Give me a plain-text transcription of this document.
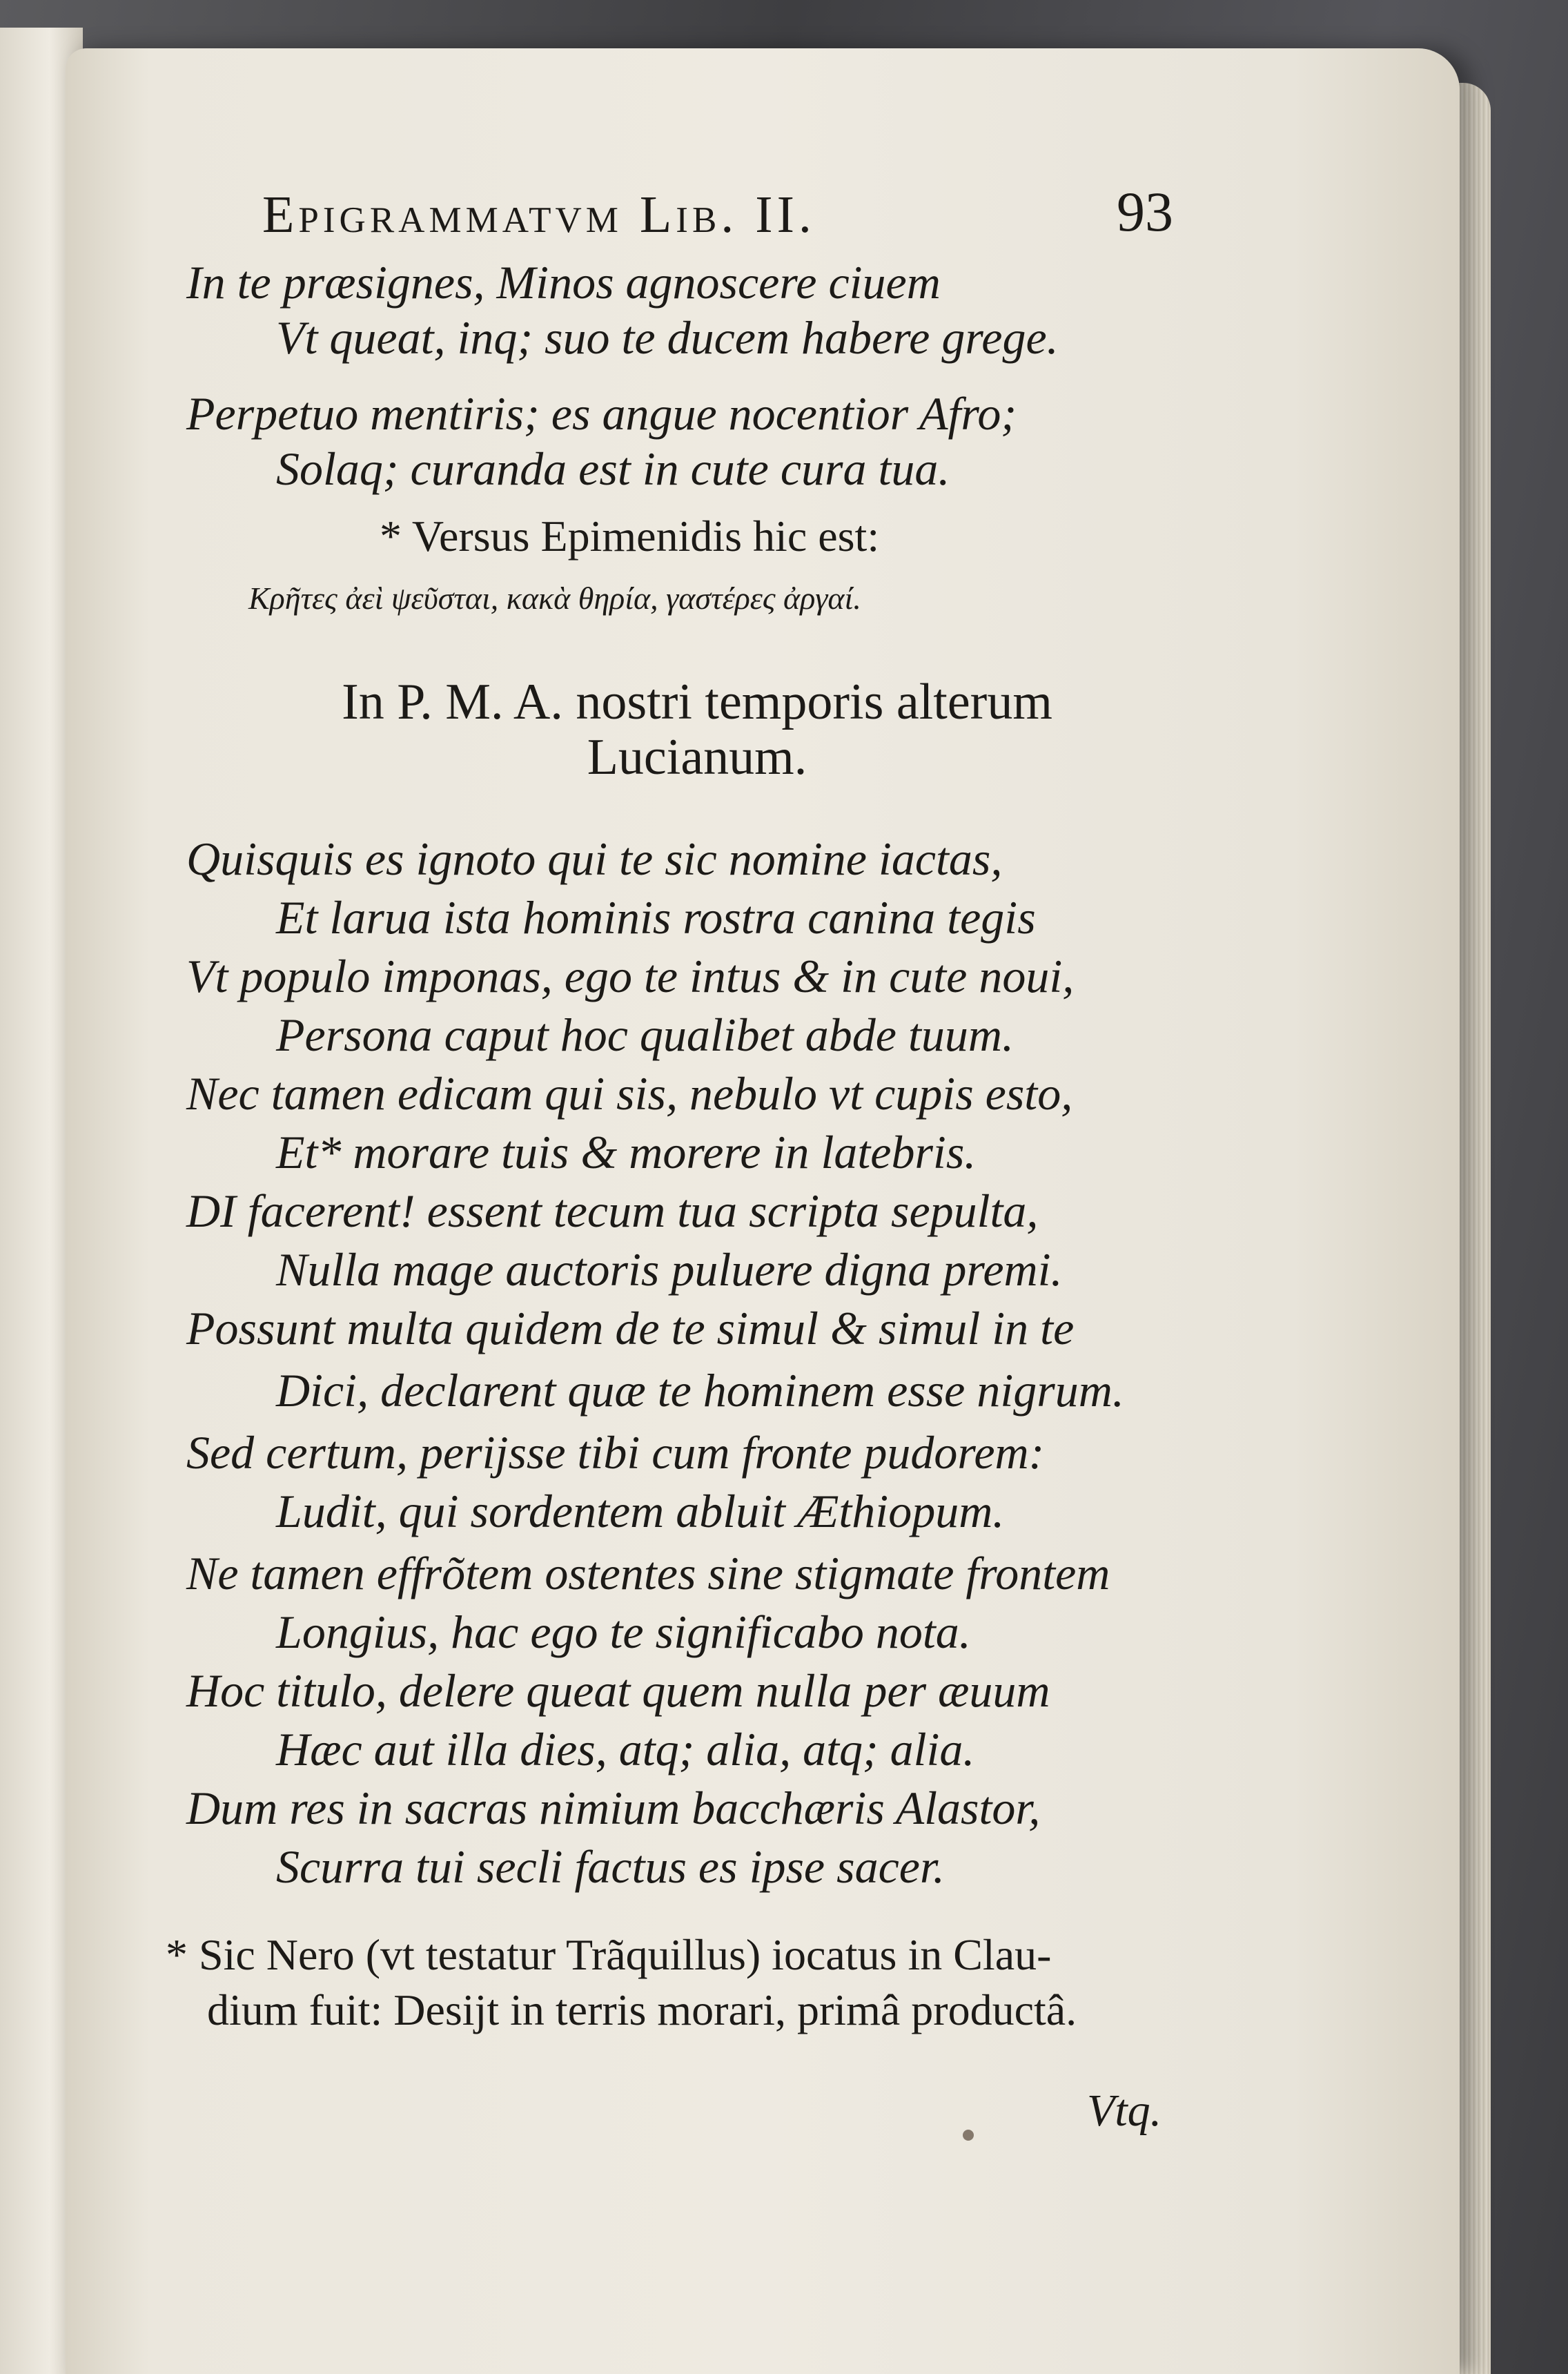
Epigrammatvm Lib. II.	93
In te præsignes, Minos agnoscere ciuem
Vt queat, inq; suo te ducem habere grege.
Perpetuo mentiris; es angue nocentior Afro;
Solaq; curanda est in cute cura tua.
* Versus Epimenidis hic est:
Κρῆτες ἀεὶ ψεῦσται, κακὰ θηρία, γαστέρες ἀργαί.
In P. M. A. nostri temporis alterum
Lucianum.
Quisquis es ignoto qui te sic nomine iactas,
Et larua ista hominis rostra canina tegis
Vt populo imponas, ego te intus & in cute noui,
Persona caput hoc qualibet abde tuum.
Nec tamen edicam qui sis, nebulo vt cupis esto,
Et* morare tuis & morere in latebris.
DI facerent! essent tecum tua scripta sepulta,
Nulla mage auctoris puluere digna premi.
Possunt multa quidem de te simul & simul in te
Dici, declarent quæ te hominem esse nigrum.
Sed certum, perijsse tibi cum fronte pudorem:
Ludit, qui sordentem abluit Æthiopum.
Ne tamen effrõtem ostentes sine stigmate frontem
Longius, hac ego te significabo nota.
Hoc titulo, delere queat quem nulla per æuum
Hæc aut illa dies, atq; alia, atq; alia.
Dum res in sacras nimium bacchæris Alastor,
Scurra tui secli factus es ipse sacer.
* Sic Nero (vt testatur Trãquillus) iocatus in Clau-
dium fuit: Desijt in terris morari, primâ productâ.
Vtq.
